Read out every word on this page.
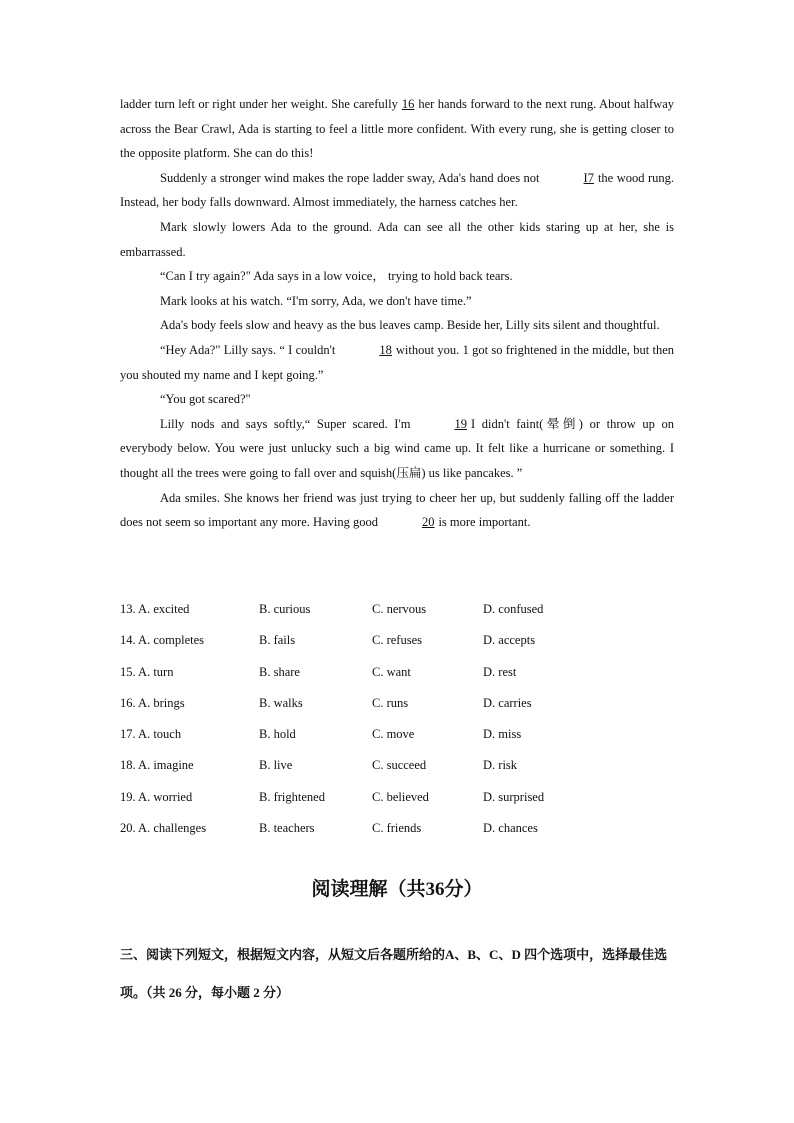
ladder turn left or right under her weight. She carefully 16 her hands forward to the next rung. About halfway across the Bear Crawl, Ada is starting to feel a little more confident. With every rung, she is getting closer to the opposite platform. She can do this!

Suddenly a stronger wind makes the rope ladder sway, Ada's hand does not	I7 the wood rung. Instead, her body falls downward. Almost immediately, the harness catches her.

Mark slowly lowers Ada to the ground. Ada can see all the other kids staring up at her, she is embarrassed.

“Can I try again?" Ada says in a low voice， trying to hold back tears.

Mark looks at his watch. “I'm sorry, Ada, we don't have time.”

Ada's body feels slow and heavy as the bus leaves camp. Beside her, Lilly sits silent and thoughtful.

“Hey Ada?" Lilly says. “ I couldn't	18 without you. 1 got so frightened in the middle, but then you shouted my name and I kept going.”

“You got scared?"

Lilly nods and says softly,“ Super scared. I'm	19 I didn't faint(晕倒) or throw up on everybody below. You were just unlucky such a big wind came up. It felt like a hurricane or something. I thought all the trees were going to fall over and squish(压扁) us like pancakes. ”

Ada smiles. She knows her friend was just trying to cheer her up, but suddenly falling off the ladder does not seem so important any more. Having good	20 is more important.

13. A. excited	B. curious	C. nervous	D. confused
14. A. completes	B. fails	C. refuses	D. accepts
15. A. turn	B. share	C. want	D. rest
16. A. brings	B. walks	C. runs	D. carries
17. A. touch	B. hold	C. move	D. miss
18. A. imagine	B. live	C. succeed	D. risk
19. A. worried	B. frightened	C. believed	D. surprised
20. A. challenges	B. teachers	C. friends	D. chances
阅读理解（共36分）
三、阅读下列短文，根据短文内容，从短文后各题所给的A、B、C、D 四个选项中，选择最佳选项。（共 26 分，每小题 2 分）
